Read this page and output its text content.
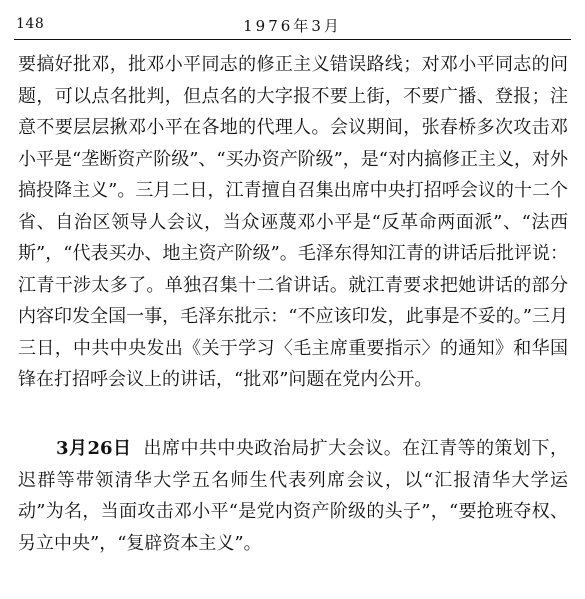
148	1976年3月

要搞好批邓，批邓小平同志的修正主义错误路线；对邓小平同志的问题，可以点名批判，但点名的大字报不要上街，不要广播、登报；注意不要层层揪邓小平在各地的代理人。会议期间，张春桥多次攻击邓小平是“垄断资产阶级”、“买办资产阶级”，是“对内搞修正主义，对外搞投降主义”。三月二日，江青擅自召集出席中央打招呼会议的十二个省、自治区领导人会议，当众诬蔑邓小平是“反革命两面派”、“法西斯”，“代表买办、地主资产阶级”。毛泽东得知江青的讲话后批评说：江青干涉太多了。单独召集十二省讲话。就江青要求把她讲话的部分内容印发全国一事，毛泽东批示：“不应该印发，此事是不妥的。”三月三日，中共中央发出《关于学习〈毛主席重要指示〉的通知》和华国锋在打招呼会议上的讲话，“批邓”问题在党内公开。

3月26日 出席中共中央政治局扩大会议。在江青等的策划下，迟群等带领清华大学五名师生代表列席会议，以“汇报清华大学运动”为名，当面攻击邓小平“是党内资产阶级的头子”，“要抢班夺权、另立中央”，“复辟资本主义”。
